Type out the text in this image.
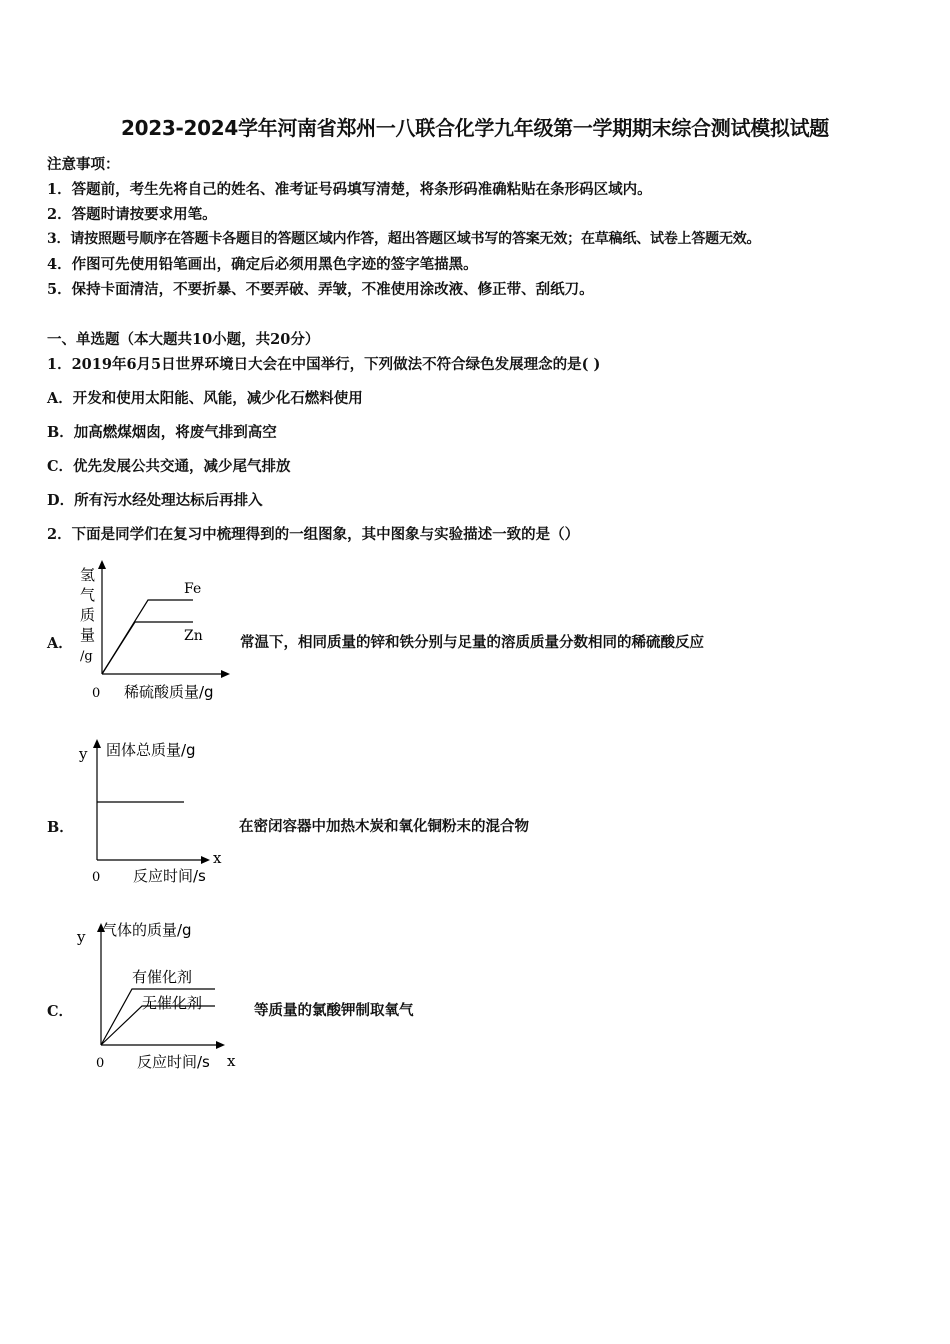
2023-2024学年河南省郑州一八联合化学九年级第一学期期末综合测试模拟试题
注意事项：
1．答题前，考生先将自己的姓名、准考证号码填写清楚，将条形码准确粘贴在条形码区域内。
2．答题时请按要求用笔。
3．请按照题号顺序在答题卡各题目的答题区域内作答，超出答题区域书写的答案无效；在草稿纸、试卷上答题无效。
4．作图可先使用铅笔画出，确定后必须用黑色字迹的签字笔描黑。
5．保持卡面清洁，不要折暴、不要弄破、弄皱，不准使用涂改液、修正带、刮纸刀。
一、单选题（本大题共10小题，共20分）
1．2019年6月5日世界环境日大会在中国举行，下列做法不符合绿色发展理念的是( )
A．开发和使用太阳能、风能，减少化石燃料使用
B．加高燃煤烟囱，将废气排到高空
C．优先发展公共交通，减少尾气排放
D．所有污水经处理达标后再排入
2．下面是同学们在复习中梳理得到的一组图象，其中图象与实验描述一致的是（）
A．	常温下，相同质量的锌和铁分别与足量的溶质质量分数相同的稀硫酸反应
氢
气
质
量
/g
0 稀硫酸质量/g
Fe
Zn
B．	在密闭容器中加热木炭和氧化铜粉末的混合物
y 固体总质量/g
0 反应时间/s
x
C．	等质量的氯酸钾制取氧气
y 气体的质量/g
0 反应时间/s x
有催化剂
无催化剂
